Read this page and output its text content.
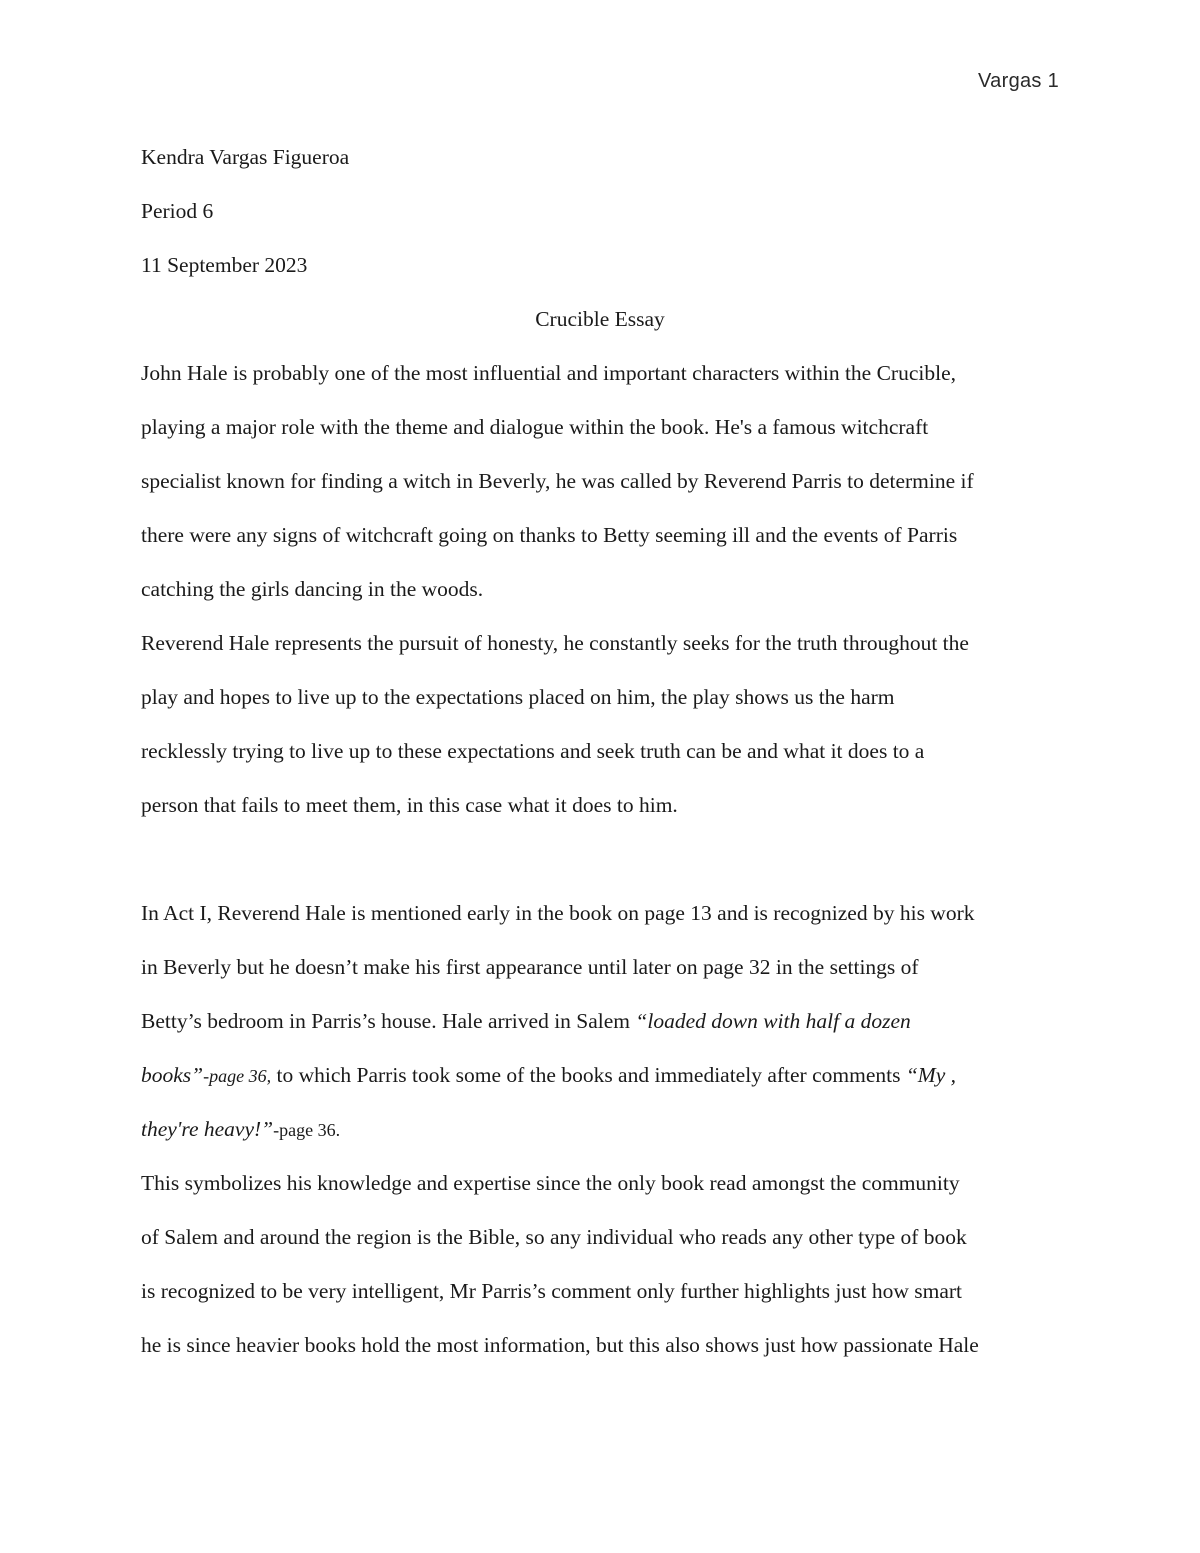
Vargas 1
Kendra Vargas Figueroa
Period 6
11 September 2023
Crucible Essay
John Hale is probably one of the most influential and important characters within the Crucible,
playing a major role with the theme and dialogue within the book. He's a famous witchcraft
specialist known for finding a witch in Beverly, he was called by Reverend Parris to determine if
there were any signs of witchcraft going on thanks to Betty seeming ill and the events of Parris
catching the girls dancing in the woods.
Reverend Hale represents the pursuit of honesty, he constantly seeks for the truth throughout the
play and hopes to live up to the expectations placed on him, the play shows us the harm
recklessly trying to live up to these expectations and seek truth can be and what it does to a
person that fails to meet them, in this case what it does to him.
In Act I, Reverend Hale is mentioned early in the book on page 13 and is recognized by his work
in Beverly but he doesn’t make his first appearance until later on page 32 in the settings of
Betty’s bedroom in Parris’s house. Hale arrived in Salem “loaded down with half a dozen
books”-page 36, to which Parris took some of the books and immediately after comments “My ,
they're heavy!”-page 36.
This symbolizes his knowledge and expertise since the only book read amongst the community
of Salem and around the region is the Bible, so any individual who reads any other type of book
is recognized to be very intelligent, Mr Parris’s comment only further highlights just how smart
he is since heavier books hold the most information, but this also shows just how passionate Hale
